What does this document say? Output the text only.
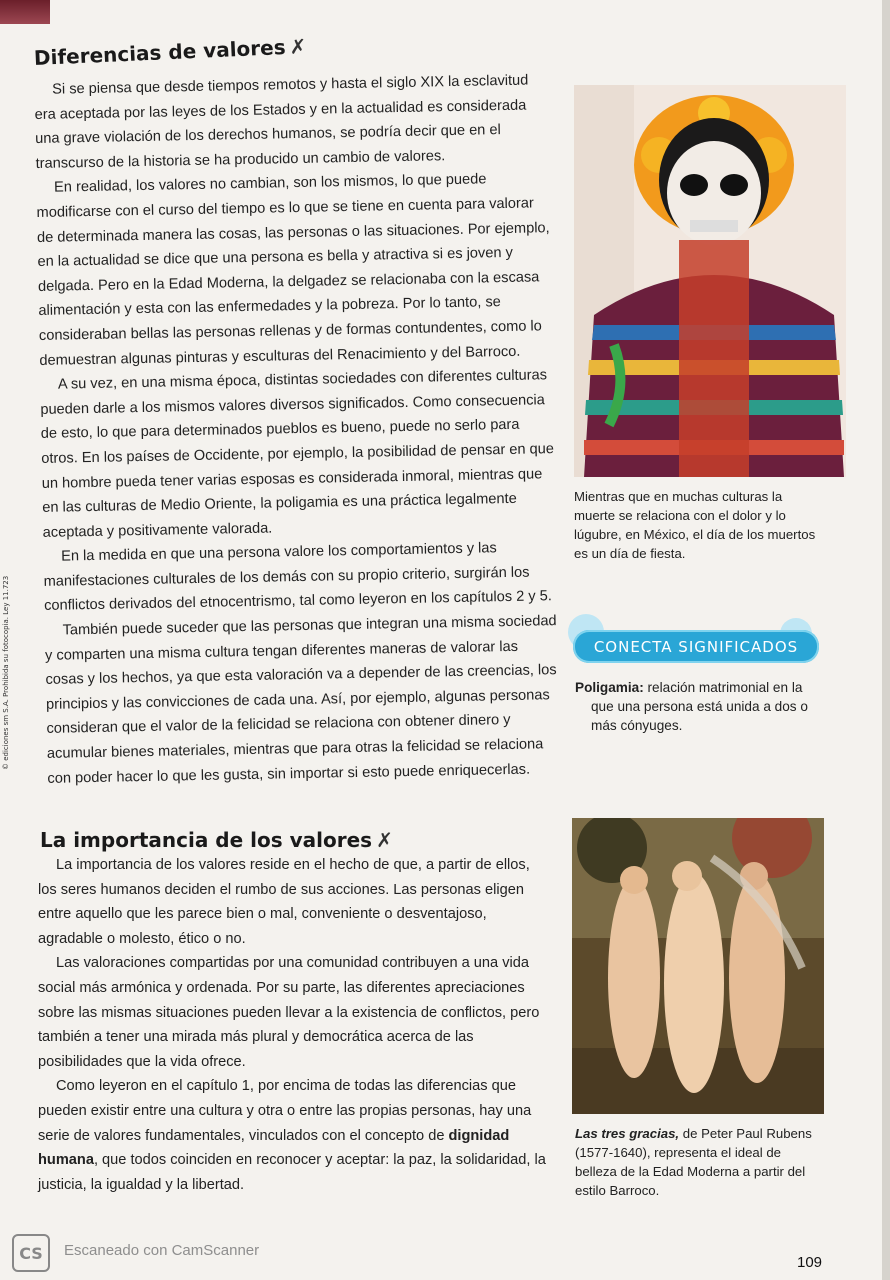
Diferencias de valores ✗

Si se piensa que desde tiempos remotos y hasta el siglo XIX la esclavitud era aceptada por las leyes de los Estados y en la actualidad es considerada una grave violación de los derechos humanos, se podría decir que en el transcurso de la historia se ha producido un cambio de valores.

En realidad, los valores no cambian, son los mismos, lo que puede modificarse con el curso del tiempo es lo que se tiene en cuenta para valorar de determinada manera las cosas, las personas o las situaciones. Por ejemplo, en la actualidad se dice que una persona es bella y atractiva si es joven y delgada. Pero en la Edad Moderna, la delgadez se relacionaba con la escasa alimentación y esta con las enfermedades y la pobreza. Por lo tanto, se consideraban bellas las personas rellenas y de formas contundentes, como lo demuestran algunas pinturas y esculturas del Renacimiento y del Barroco.

A su vez, en una misma época, distintas sociedades con diferentes culturas pueden darle a los mismos valores diversos significados. Como consecuencia de esto, lo que para determinados pueblos es bueno, puede no serlo para otros. En los países de Occidente, por ejemplo, la posibilidad de pensar en que un hombre pueda tener varias esposas es considerada inmoral, mientras que en las culturas de Medio Oriente, la poligamia es una práctica legalmente aceptada y positivamente valorada.

En la medida en que una persona valore los comportamientos y las manifestaciones culturales de los demás con su propio criterio, surgirán los conflictos derivados del etnocentrismo, tal como leyeron en los capítulos 2 y 5.

También puede suceder que las personas que integran una misma sociedad y comparten una misma cultura tengan diferentes maneras de valorar las cosas y los hechos, ya que esta valoración va a depender de las creencias, los principios y las convicciones de cada una. Así, por ejemplo, algunas personas consideran que el valor de la felicidad se relaciona con obtener dinero y acumular bienes materiales, mientras que para otras la felicidad se relaciona con poder hacer lo que les gusta, sin importar si esto puede enriquecerlas.

Mientras que en muchas culturas la muerte se relaciona con el dolor y lo lúgubre, en México, el día de los muertos es un día de fiesta.

CONECTA SIGNIFICADOS

Poligamia: relación matrimonial en la
que una persona está unida a dos o más cónyuges.

La importancia de los valores ✗

La importancia de los valores reside en el hecho de que, a partir de ellos, los seres humanos deciden el rumbo de sus acciones. Las personas eligen entre aquello que les parece bien o mal, conveniente o desventajoso, agradable o molesto, ético o no.

Las valoraciones compartidas por una comunidad contribuyen a una vida social más armónica y ordenada. Por su parte, las diferentes apreciaciones sobre las mismas situaciones pueden llevar a la existencia de conflictos, pero también a tener una mirada más plural y democrática acerca de las posibilidades que la vida ofrece.

Como leyeron en el capítulo 1, por encima de todas las diferencias que pueden existir entre una cultura y otra o entre las propias personas, hay una serie de valores fundamentales, vinculados con el concepto de dignidad humana, que todos coinciden en reconocer y aceptar: la paz, la solidaridad, la justicia, la igualdad y la libertad.

Las tres gracias, de Peter Paul Rubens (1577-1640), representa el ideal de belleza de la Edad Moderna a partir del estilo Barroco.

© ediciones sm S.A. Prohibida su fotocopia. Ley 11.723
CS	Escaneado con CamScanner
109
